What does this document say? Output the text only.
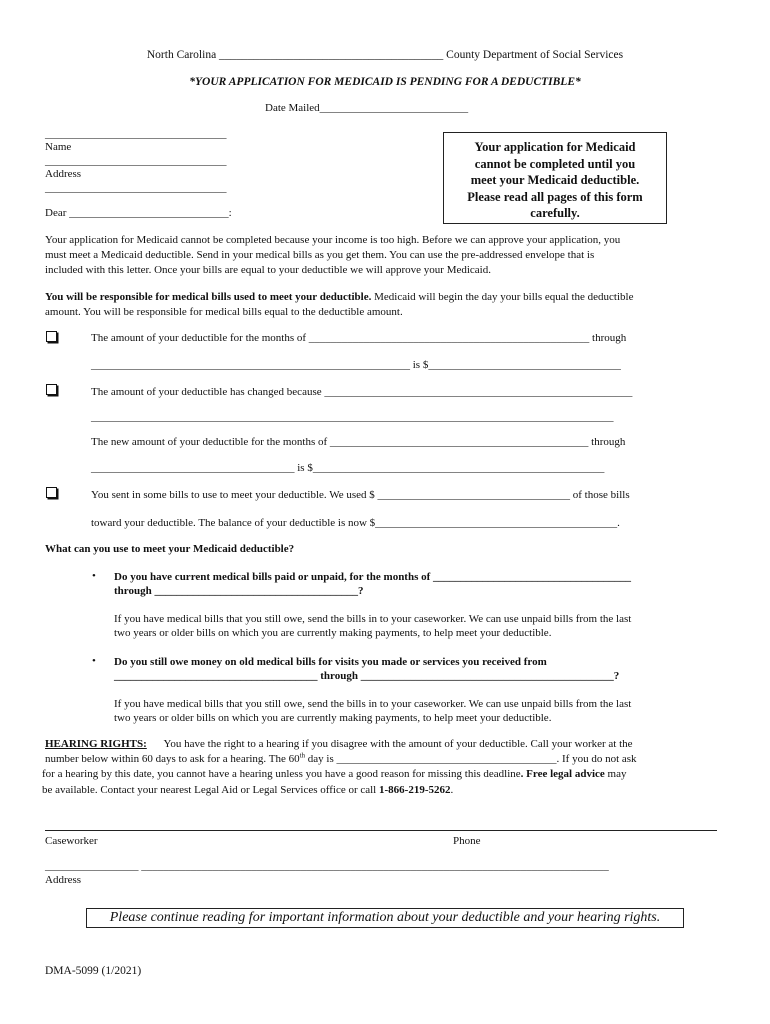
North Carolina _______________________________________ County Department of Social Services
*YOUR APPLICATION FOR MEDICAID IS PENDING FOR A DEDUCTIBLE*
Date Mailed___________________________
_________________________________
Name
_________________________________
Address
_________________________________
Dear _____________________________:
Your application for Medicaid
cannot be completed until you
meet your Medicaid deductible.
Please read all pages of this form
carefully.
Your application for Medicaid cannot be completed because your income is too high. Before we can approve your application, you
must meet a Medicaid deductible. Send in your medical bills as you get them. You can use the pre-addressed envelope that is
included with this letter. Once your bills are equal to your deductible we will approve your Medicaid.
You will be responsible for medical bills used to meet your deductible. Medicaid will begin the day your bills equal the deductible
amount. You will be responsible for medical bills equal to the deductible amount.
The amount of your deductible for the months of ___________________________________________________ through
__________________________________________________________ is $___________________________________
The amount of your deductible has changed because ________________________________________________________
_______________________________________________________________________________________________
The new amount of your deductible for the months of _______________________________________________ through
_____________________________________ is $_____________________________________________________
You sent in some bills to use to meet your deductible. We used $ ___________________________________ of those bills
toward your deductible. The balance of your deductible is now $____________________________________________.
What can you use to meet your Medicaid deductible?
• Do you have current medical bills paid or unpaid, for the months of ____________________________________
through _____________________________________?
If you have medical bills that you still owe, send the bills in to your caseworker. We can use unpaid bills from the last
two years or older bills on which you are currently making payments, to help meet your deductible.
• Do you still owe money on old medical bills for visits you made or services you received from
_____________________________________ through ______________________________________________?
If you have medical bills that you still owe, send the bills in to your caseworker. We can use unpaid bills from the last
two years or older bills on which you are currently making payments, to help meet your deductible.
HEARING RIGHTS: You have the right to a hearing if you disagree with the amount of your deductible. Call your worker at the
number below within 60 days to ask for a hearing. The 60th day is ________________________________________. If you do not ask
for a hearing by this date, you cannot have a hearing unless you have a good reason for missing this deadline. Free legal advice may
be available. Contact your nearest Legal Aid or Legal Services office or call 1-866-219-5262.
Caseworker	Phone
_________________ _____________________________________________________________________________________
Address
Please continue reading for important information about your deductible and your hearing rights.
DMA-5099 (1/2021)
